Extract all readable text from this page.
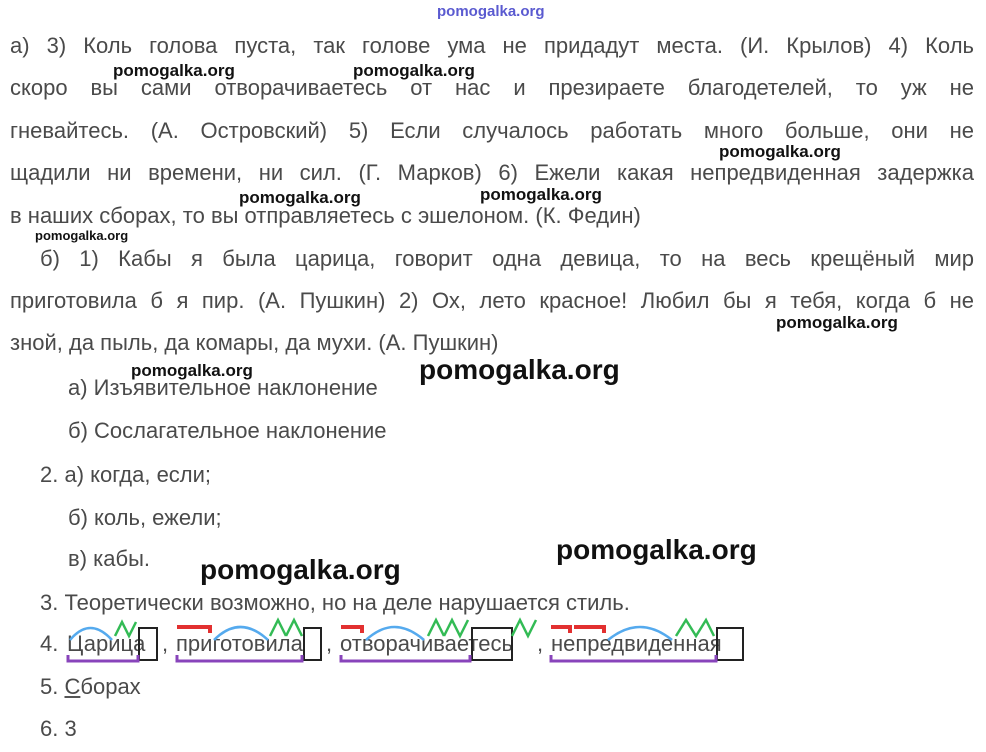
а) 3) Коль голова пуста, так голове ума не придадут места. (И. Крылов) 4) Коль
скоро вы сами отворачиваетесь от нас и презираете благодетелей, то уж не
гневайтесь. (А. Островский) 5) Если случалось работать много больше, они не
щадили ни времени, ни сил. (Г. Марков) 6) Ежели какая непредвиденная задержка
в наших сборах, то вы отправляетесь с эшелоном. (К. Федин)
б) 1) Кабы я была царица, говорит одна девица, то на весь крещёный мир
приготовила б я пир. (А. Пушкин) 2) Ох, лето красное! Любил бы я тебя, когда б не
зной, да пыль, да комары, да мухи. (А. Пушкин)
а) Изъявительное наклонение
б) Сослагательное наклонение
2. а) когда, если;
б) коль, ежели;
в) кабы.
3. Теоретически возможно, но на деле нарушается стиль.
4. Царица , приготовила , отворачиваетесь , непредвиденная
5. Сборах
6. 3
pomogalka.org
pomogalka.org	pomogalka.org
pomogalka.org
pomogalka.org	pomogalka.org
pomogalka.org
pomogalka.org
pomogalka.org	pomogalka.org
pomogalka.org
pomogalka.org
